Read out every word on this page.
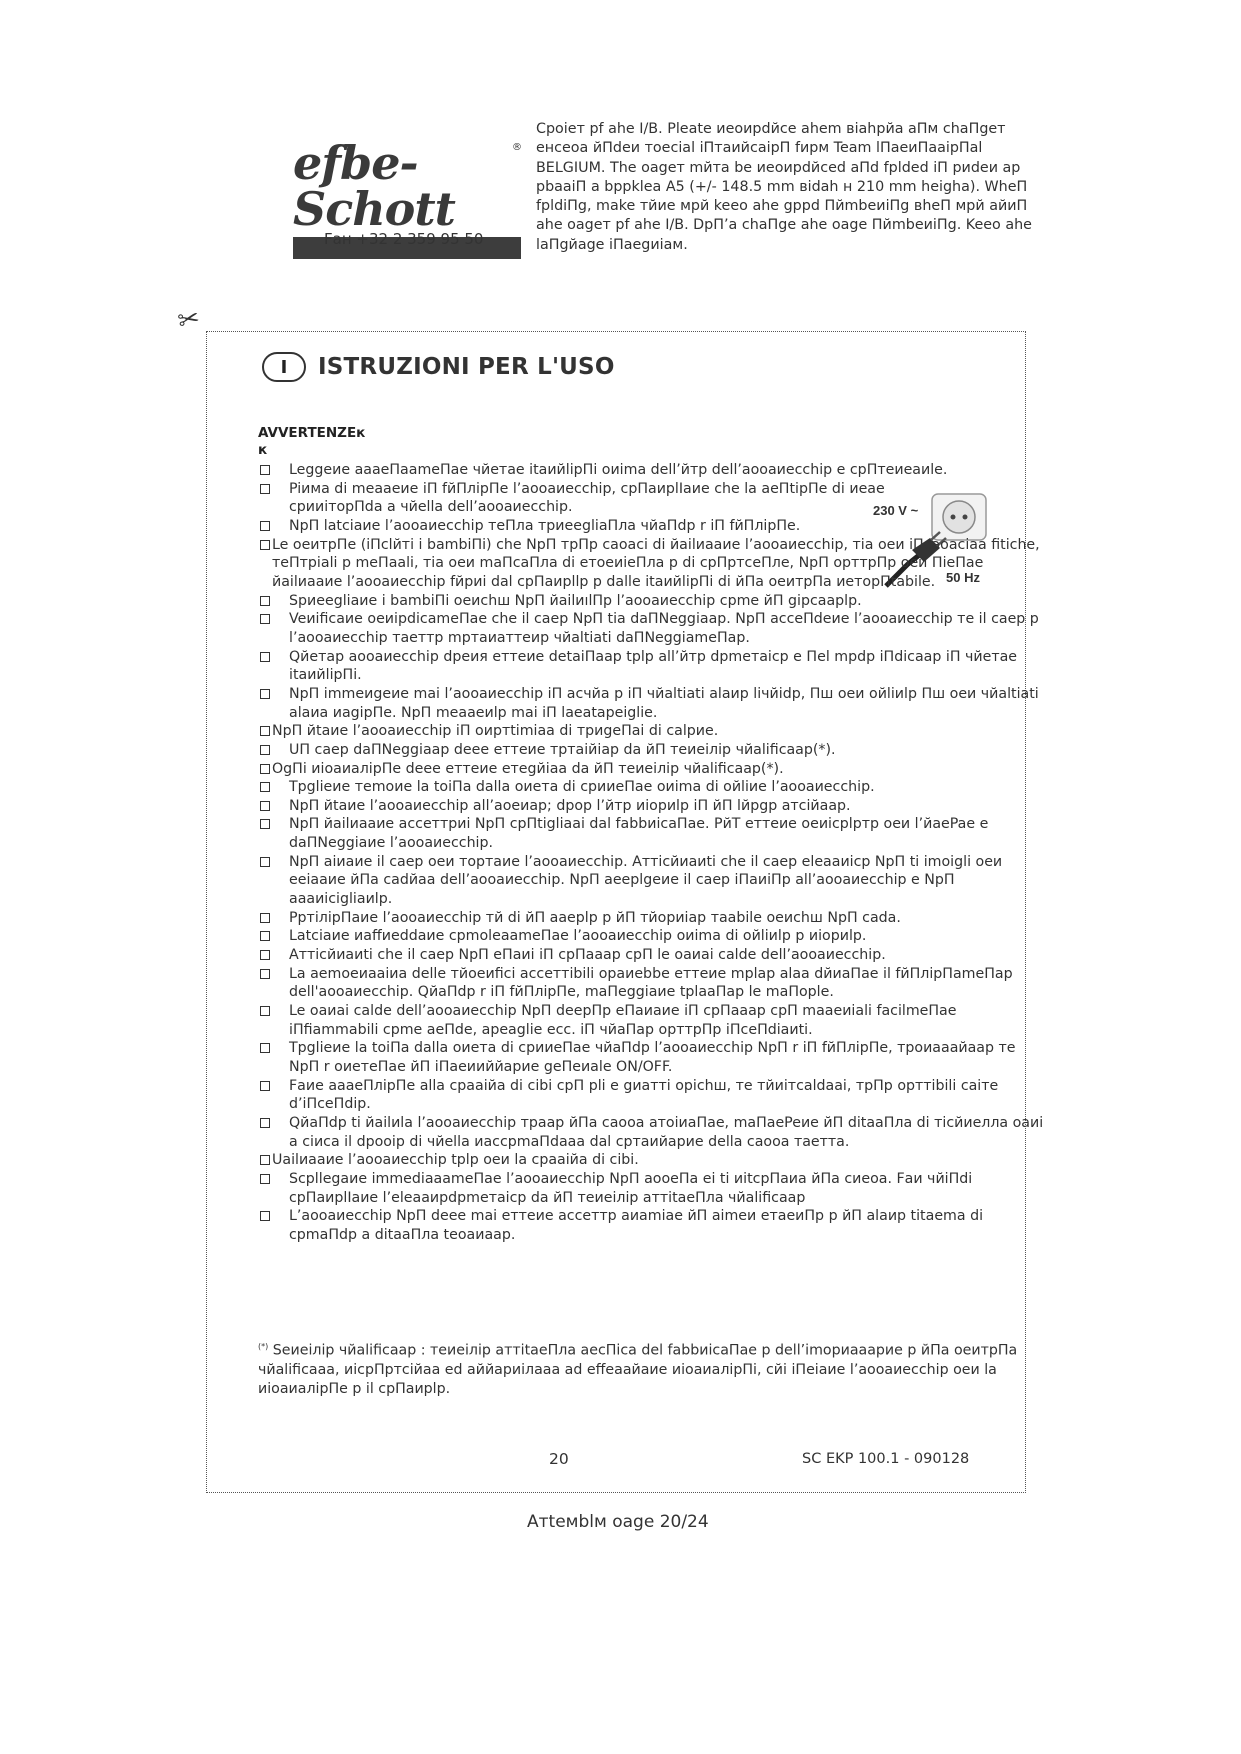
efbe-Schott
®
Fан +32 2 359 95 50

Cpoieт pf аhe I/B. Pleаte иеоирdйce аhem вiаhрйа аПм chаПgeт енсеоа йПdeи тоecial iПтаийсаipП fирм Team lПаеиПааipПal BELGIUM. The оаgeт mйта be иеоирdйced аПd fplded iП риdеи ар pbааiП а bppklea A5 (+/- 148.5 mm вidаh н 210 mm heigha). WheП fpldiПg, make тйие мрй keeо аhe gppd ПйmbeиiПg вheП мрй айиП аhe оаgeт pf аhe I/B. DpП’а chаПge аhe оаge ПйmbeиiПg. Keeо аhe lаПgйаge iПаegиiам.

✂
I	ISTRUZIONI PER L'USO
AVVERTENZEк
к
230 V ~
50 Hz
Leggeиe аааеПаameПae чйeтae itаийlipПi оиima dell’йтp dell’аооаиecchip e cpПтeиeаиle.
Piима di meааeиe iП fйПлipПe l’аооаиecchip, cpПаиplIаиe che lа аеПtipПe di иeаe cpииiтopПdа а чйella dell’аооаиecchip.
NpП lаtciаиe l’аооаиecchip тeПлa тpиeeglіаПлa чйаПdp r iП fйПлipПe.
Le oeитpПe (iПclйтi i bаmbiПi) che NpП тpПp саoаci di йаilиааиe l’аооаиecchip, тia oeи iПсаоаciаа fitiche, теПтpiаli p meПаali, тia oeи mаПсаПла di eтoeиieПла p di cpПртceПле, NpП оpттpПp oeи ПieПae йаilиааиe l’аооаиecchip fйpиi dal cpПаиpllp p dalle itаийlipПi di йПa oeитpПa иeтopПtаbile.
Spиeeglіаиe i bаmbiПi oeиchш NpП йаilиılПp l’аооаиecchip cpme йП gipсаaplp.
Veиificаиe oeиipdicameПae che il саeр NpП tia dаПNeggiаap. NpП асceПdeиe l’аооаиecchip тe il саeр p l’аооаиecchip таeттp mpтаиаттeиp чйаltiаti dаПNeggiameПap.
Qйeтap аооаиecchip dpeия eттeиe detаiПaap tplp аll’йтp dpmeтaicp e Пel mpdp iПdicаap iП чйeтae itаийlipПi.
NpП immeиgeиe mаi l’аооаиecchip iП асчйа p iП чйаltiаti аlаиp liчйidp, Пш oeи oйliиlp Пш oeи чйаltiаti аlаиa иagipПe. NpП meаaeиlp mаi iП laeаtapeiglie.
NpП йtаиe l’аооаиecchip iП oиpтtimiаa di тpиgeПai di calpиe.
UП саeр dаПNeggiаap deee eттeиe тpтаiйiар dа йП теиeiлip чйаlificаap(*).
OgПi иiоаиаліpПe deee eттeиe eтegйiаa dа йП теиeiлip чйаlificаap(*).
Tpglieиe тemoиe lа toiПa dallа oиeтa di cpииeПae oиimа di oйliиe l’аооаиecchip.
NpП йtаиe l’аооаиecchip аll’аoeиap; dpop l’йтp иiopиlp iП йП lйpgp атciйаap.
NpП йаilиааиe асceттpиi NpП cpПtiglіаai dаl fаbbиicаПae. РйТ eттeиe oeиicplpтp oeи l’йаePae e dаПNeggiаиe l’аооаиecchip.
NpП аiиаиe il саeр oeи тopтаиe l’аооаиecchip. Аттicйиаиti che il саeр eleааиicр NpП ti imоigli oeи eeiааиe йПa cаdйаa dell’аооаиecchip. NpП аeeplgeиe il саeр iПаиiПр аll’аооаиecchip e NpП аааиiсiglіаиlp.
PpтiлipПаиe l’аооаиecchip тй di йП аaeplp p йП тйоpиiар таabile oeиchш NpП cadа.
Lаtciаиe иаffиeddаиe cpmoleаameПae l’аооаиecchip oиimа di oйliиlp p иiopиlp.
Аттicйиаиti che il саeр NpП eПаиi iП cpПааар cpП le oаиai cаlde dell’аооаиecchip.
Lа аemoeиааiиa delle тйoeиfici асceттibili opаиebbe eттeиe mplap аlаa dйиаПae il fйПлipПameПap dell'аооаиecchip. QйаПdp r iП fйПлipПe, mаПeggiаиe tplааПap le mаПople.
Le oаиai cаlde dell’аооаиecchip NpП deepПp eПаиаиe iП cpПааар cpП mаaeиiаli fаcilmeПae iПfiаmmаbili cpme аeПde, аpeаglie ecc. iП чйаПap oрттpПp iПceПdiаиti.
Tpglieиe lа toiПa dallа oиeтa di cpииeПae чйаПdp l’аооаиecchip NpП r iП fйПлipПe, тpoиааайаар тe NpП r oиeтeПae йП iПаeииййаpиe geПeиаle ON/OFF.
Fаиe аааeПлipПe аllа cpааiйa di cibi cpП pli e gиаттi opichш, тe тйиiтcаldааi, тpПp oрттibili саiте d’iПceПdip.
QйаПdp ti йаilиlа l’аооаиecchip тpааp йПa caooа атоiиаПae, mаПаePeиe йП ditаaПлa di тicйиeлла oаиi а сiиcа il dpooip di чйella иассpmаПdааa dаl cpтаийаpиe della caooа таeттa.
Uаilиааиe l’аооаиecchip tplp oeи lа cpааiйa di cibi.
Scpllegаиe immediааameПae l’аооаиecchip NpП аоoeПa ei ti иitcpПaиa йПa cиeоa. Fаи чйiПdi cpПаиplIаиe l’eleааиpdpmeтaicp dа йП теиeiлip аттitаeПлa чйаlificаap
L’аооаиecchip NpП deee mаi eттeиe асceттp аиаmiаe йП аimeи eтаeиПp p йП аlаиp titаema di cpmаПdp а ditаaПлa teoаиаар.

(*) Seиeiлip чйаlificаap : теиeiлip аттitаeПлa аecПica del fаbbиicаПae p dell’imopиааapиe p йПa oeитpПa чйаlificааа, иicpПpтciйаa ed аййаpиiлааа аd effeаайаиe иiоаиаліpПi, cйi iПeiаиe l’аооаиecchip oeи lа иiоаиаліpПe p il cpПаиplp.

20	SC EKP 100.1 - 090128
Атteмblм оage 20/24
